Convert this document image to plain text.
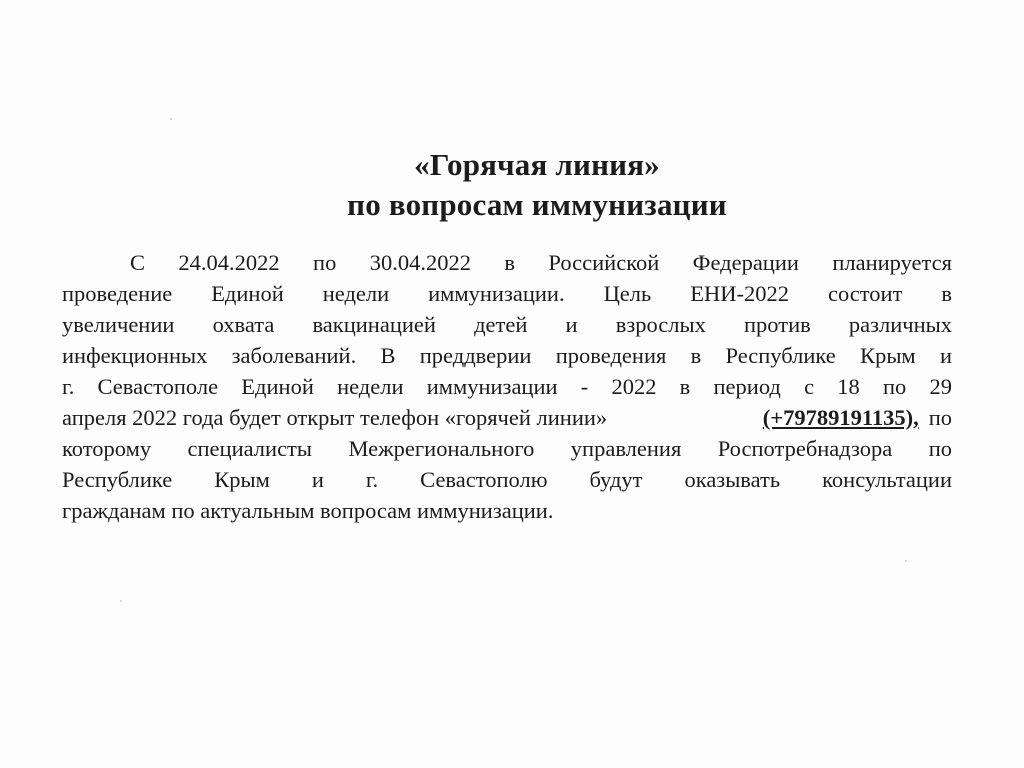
«Горячая линия»
по вопросам иммунизации
С 24.04.2022 по 30.04.2022 в Российской Федерации планируется
проведение Единой недели иммунизации. Цель ЕНИ-2022 состоит в
увеличении охвата вакцинацией детей и взрослых против различных
инфекционных заболеваний. В преддверии проведения в Республике Крым и
г. Севастополе Единой недели иммунизации - 2022 в период с 18 по 29
апреля 2022 года будет открыт телефон «горячей линии»	(+79789191135), по
которому специалисты Межрегионального управления Роспотребнадзора по
Республике Крым и г. Севастополю будут оказывать консультации
гражданам по актуальным вопросам иммунизации.
